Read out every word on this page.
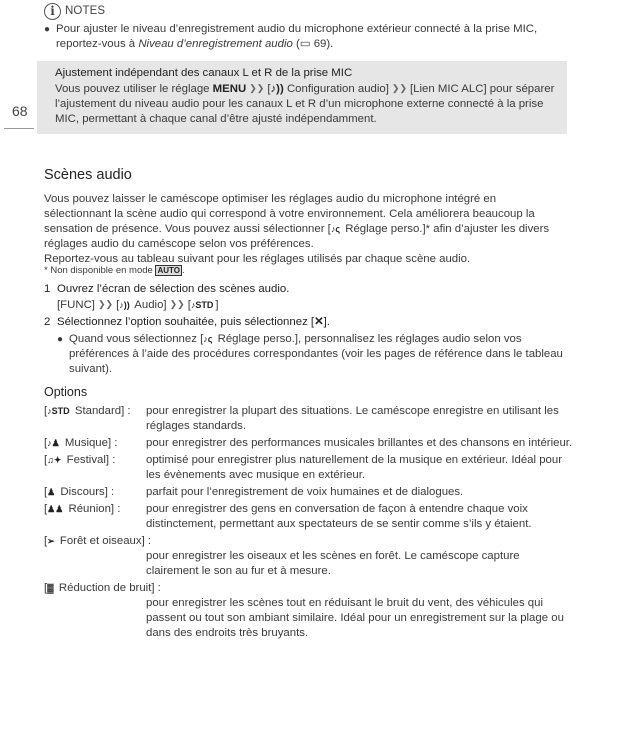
i NOTES
● Pour ajuster le niveau d’enregistrement audio du microphone extérieur connecté à la prise MIC, reportez-vous à Niveau d’enregistrement audio (▭ 69).
68
Ajustement indépendant des canaux L et R de la prise MIC
Vous pouvez utiliser le réglage MENU ❯❯ [♪)) Configuration audio] ❯❯ [Lien MIC ALC] pour séparer l’ajustement du niveau audio pour les canaux L et R d’un microphone externe connecté à la prise MIC, permettant à chaque canal d’être ajusté indépendamment.
Scènes audio
Vous pouvez laisser le caméscope optimiser les réglages audio du microphone intégré en sélectionnant la scène audio qui correspond à votre environnement. Cela améliorera beaucoup la sensation de présence. Vous pouvez aussi sélectionner [♪ς Réglage perso.]* afin d’ajuster les divers réglages audio du caméscope selon vos préférences.
Reportez-vous au tableau suivant pour les réglages utilisés par chaque scène audio.
* Non disponible en mode AUTO .
1 Ouvrez l’écran de sélection des scènes audio.
[FUNC] ❯❯ [♪)) Audio] ❯❯ [♪STD ]
2 Sélectionnez l’option souhaitée, puis sélectionnez [✕].
● Quand vous sélectionnez [♪ς Réglage perso.], personnalisez les réglages audio selon vos préférences à l’aide des procédures correspondantes (voir les pages de référence dans le tableau suivant).
Options
[♪STD Standard] :	pour enregistrer la plupart des situations. Le caméscope enregistre en utilisant les réglages standards.
[♪♟ Musique] :	pour enregistrer des performances musicales brillantes et des chansons en intérieur.
[♫✦ Festival] :	optimisé pour enregistrer plus naturellement de la musique en extérieur. Idéal pour les évènements avec musique en extérieur.
[♟ Discours] :	parfait pour l’enregistrement de voix humaines et de dialogues.
[♟♟ Réunion] :	pour enregistrer des gens en conversation de façon à entendre chaque voix distinctement, permettant aux spectateurs de se sentir comme s’ils y étaient.
[➢ Forêt et oiseaux] :
pour enregistrer les oiseaux et les scènes en forêt. Le caméscope capture clairement le son au fur et à mesure.
[▓ Réduction de bruit] :
pour enregistrer les scènes tout en réduisant le bruit du vent, des véhicules qui passent ou tout son ambiant similaire. Idéal pour un enregistrement sur la plage ou dans des endroits très bruyants.
